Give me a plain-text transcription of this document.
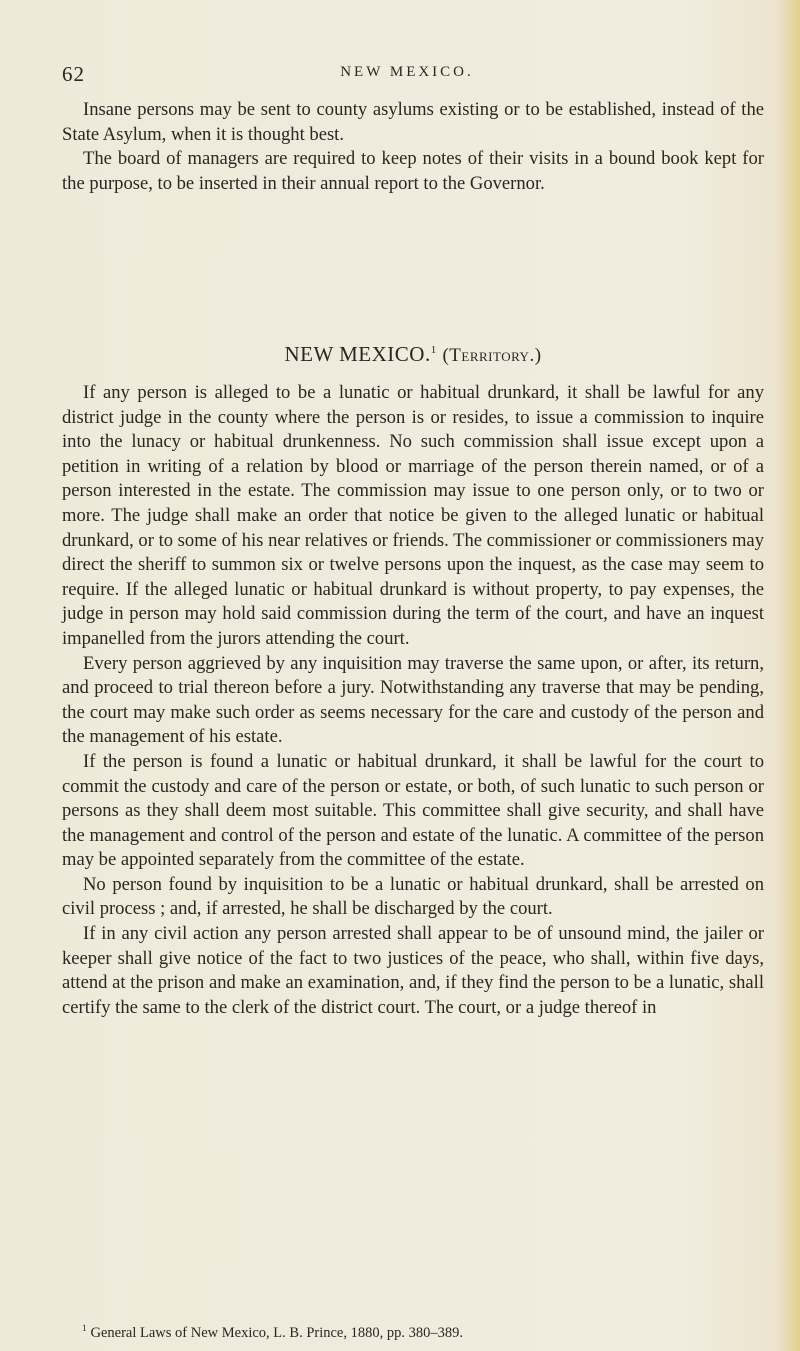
62	NEW MEXICO.

Insane persons may be sent to county asylums existing or to be established, instead of the State Asylum, when it is thought best.

The board of managers are required to keep notes of their visits in a bound book kept for the purpose, to be inserted in their annual report to the Governor.

NEW MEXICO.$^1$ (Territory.)

If any person is alleged to be a lunatic or habitual drunkard, it shall be lawful for any district judge in the county where the person is or resides, to issue a commission to inquire into the lunacy or habitual drunkenness. No such commission shall issue except upon a petition in writing of a relation by blood or marriage of the person therein named, or of a person interested in the estate. The commission may issue to one person only, or to two or more. The judge shall make an order that notice be given to the alleged lunatic or habitual drunkard, or to some of his near relatives or friends. The commissioner or commissioners may direct the sheriff to summon six or twelve persons upon the inquest, as the case may seem to require. If the alleged lunatic or habitual drunkard is without property, to pay expenses, the judge in person may hold said commission during the term of the court, and have an inquest impanelled from the jurors attending the court.

Every person aggrieved by any inquisition may traverse the same upon, or after, its return, and proceed to trial thereon before a jury. Notwithstanding any traverse that may be pending, the court may make such order as seems necessary for the care and custody of the person and the management of his estate.

If the person is found a lunatic or habitual drunkard, it shall be lawful for the court to commit the custody and care of the person or estate, or both, of such lunatic to such person or persons as they shall deem most suitable. This committee shall give security, and shall have the management and control of the person and estate of the lunatic. A committee of the person may be appointed separately from the committee of the estate.

No person found by inquisition to be a lunatic or habitual drunkard, shall be arrested on civil process ; and, if arrested, he shall be discharged by the court.

If in any civil action any person arrested shall appear to be of unsound mind, the jailer or keeper shall give notice of the fact to two justices of the peace, who shall, within five days, attend at the prison and make an examination, and, if they find the person to be a lunatic, shall certify the same to the clerk of the district court. The court, or a judge thereof in

$^1$ General Laws of New Mexico, L. B. Prince, 1880, pp. 380–389.
